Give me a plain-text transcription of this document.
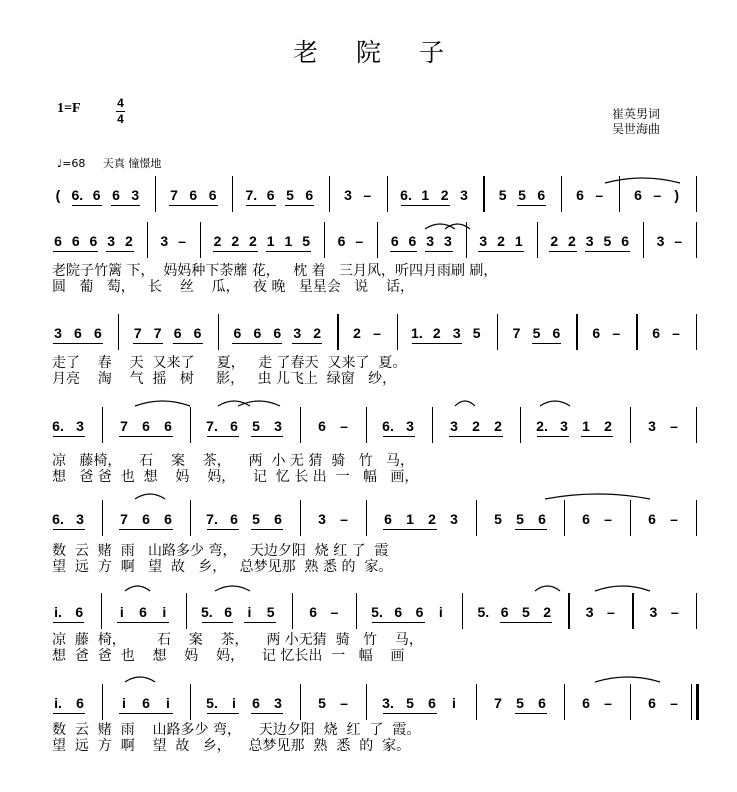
老院子
1=F	4
4	崔英男词
吴世海曲
♩=68 天真 憧憬地
( 6. 6 6 3 7 6 6 7. 6 5 6 3 – 6. 1 2 3 5 5 6 6 – 6 – )
6 6 6 3 2 3 – 2 2 2 1 1 5 6 – 6 6 3 3 3 2 1 2 2 3 5 6 3 –
老院子竹篱 下，  妈妈种下荼蘼 花，   枕 着   三月风，听四月雨刷 刷，
圆   葡   萄，   长    丝    瓜，   夜 晚   星星会   说    话，
3 6 6 7 7 6 6 6 6 6 3 2 2 – 1. 2 3 5 7 5 6 6 – 6 –
走了    春    天  又来了     夏，   走 了春天  又来了  夏。
月亮    淘    气  摇   树     影，   虫 儿飞上  绿窗   纱，
6. 3	7 6 6 7. 6 5 3	6 – 6. 3	3 2 2 2. 3 1 2	3 –
凉   藤椅，    石    案    茶，    两  小 无 猜  骑   竹   马，
想   爸 爸  也  想    妈    妈，    记  忆 长 出  一   幅   画，
6. 3	7 6 6 7. 6 5 6	3 –	6 1 2 3	5 5 6	6 –	6 –
数  云  赌  雨   山路多少 弯，   天边夕阳  烧 红 了  霞
望  远  方  啊   望  故   乡，   总梦见那  熟 悉 的  家。
i. 6	i 6 i 5. 6 i 5 6 – 5. 6 6 i 5. 6 5 2 3 – 3 –
凉  藤  椅，       石    案    茶，    两 小无猜  骑   竹    马，
想  爸  爸  也    想    妈    妈，    记 忆长出  一   幅    画
i. 6	i 6 i	5. i 6 3	5 – 3. 5 6 i	7 5 6	6 –	6 –
数  云  赌  雨    山路多少 弯，    天边夕阳  烧  红  了  霞。
望  远  方  啊    望  故   乡，    总梦见那  熟  悉  的  家。
